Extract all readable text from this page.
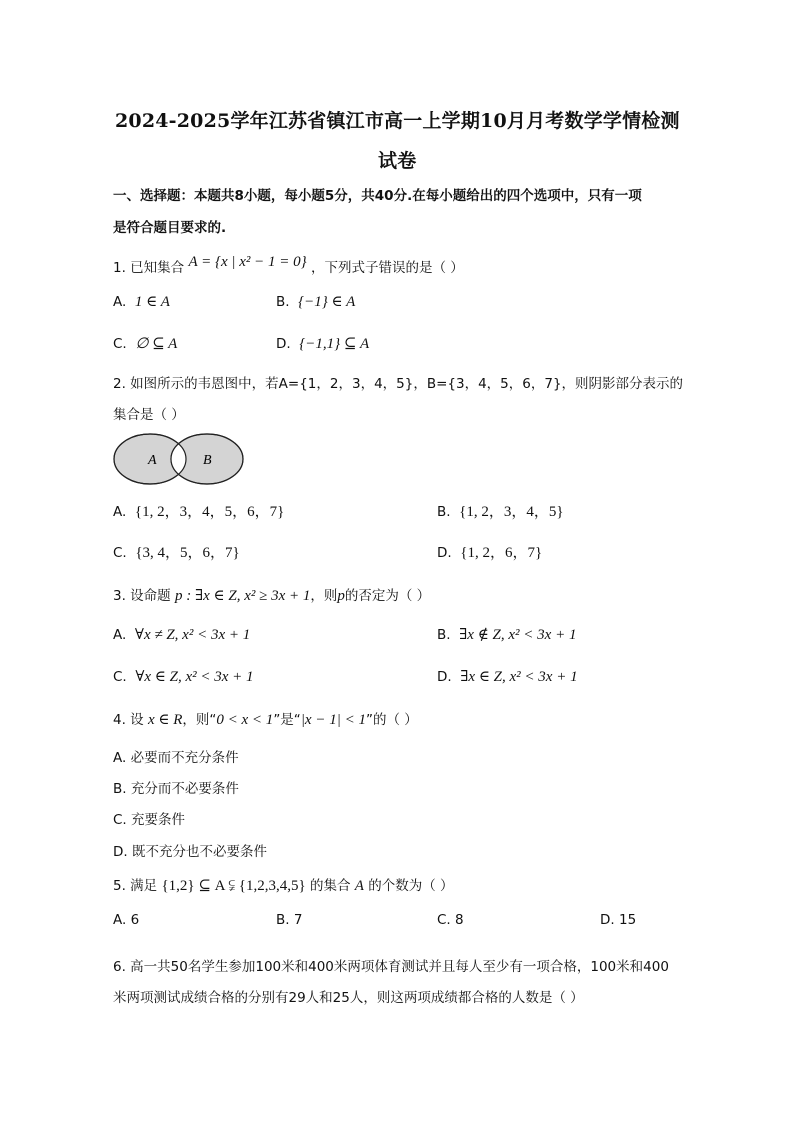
2024-2025学年江苏省镇江市高一上学期10月月考数学学情检测
试卷
一、选择题：本题共8小题，每小题5分，共40分.在每小题给出的四个选项中，只有一项
是符合题目要求的.
1. 已知集合 A = {x | x² − 1 = 0} ，下列式子错误的是（ ）
A. 1 ∈ A	B. {−1} ∈ A
C. ∅ ⊆ A	D. {−1,1} ⊆ A
2. 如图所示的韦恩图中，若A={1，2，3，4，5}，B={3，4，5，6，7}，则阴影部分表示的
集合是（ ）
A	B
A. {1, 2，3，4，5，6，7}	B. {1, 2，3，4，5}
C. {3, 4，5，6，7}	D. {1, 2，6，7}
3. 设命题 p : ∃x ∈ Z, x² ≥ 3x + 1，则p的否定为（ ）
A. ∀x ≠ Z, x² < 3x + 1	B. ∃x ∉ Z, x² < 3x + 1
C. ∀x ∈ Z, x² < 3x + 1	D. ∃x ∈ Z, x² < 3x + 1
4. 设 x ∈ R，则“0 < x < 1”是“|x − 1| < 1”的（ ）
A. 必要而不充分条件
B. 充分而不必要条件
C. 充要条件
D. 既不充分也不必要条件
5. 满足 {1,2} ⊆ A ⫋ {1,2,3,4,5} 的集合 A 的个数为（ ）
A. 6	B. 7	C. 8	D. 15
6. 高一共50名学生参加100米和400米两项体育测试并且每人至少有一项合格，100米和400
米两项测试成绩合格的分别有29人和25人，则这两项成绩都合格的人数是（ ）
